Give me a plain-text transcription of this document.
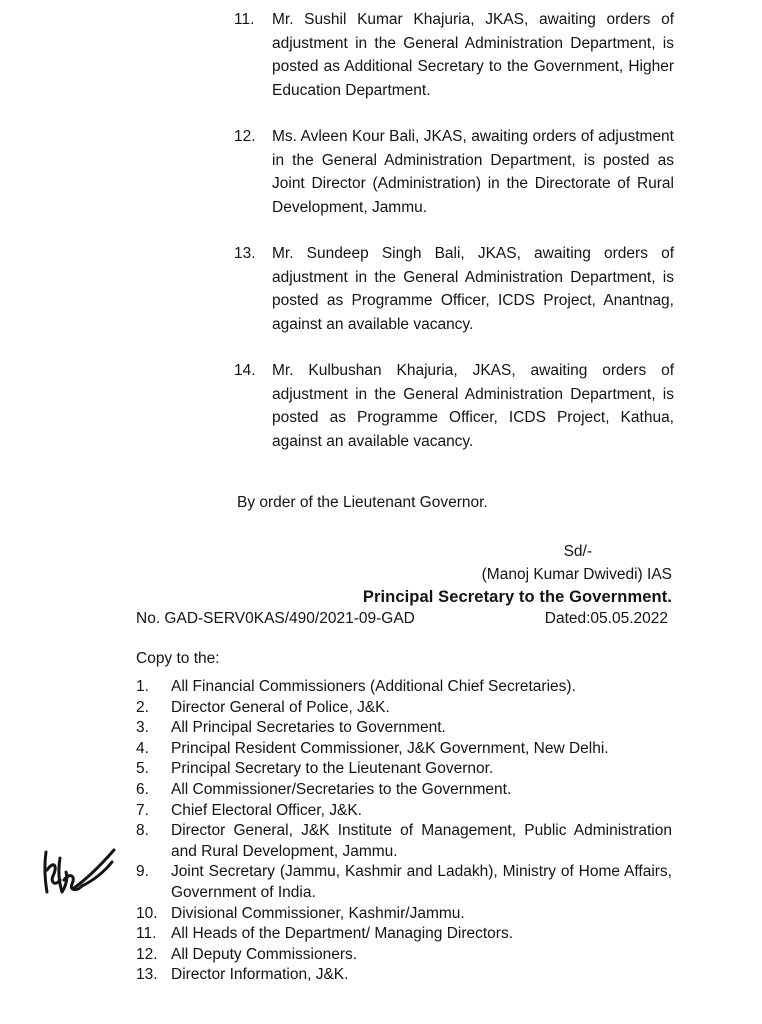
11. Mr. Sushil Kumar Khajuria, JKAS, awaiting orders of adjustment in the General Administration Department, is posted as Additional Secretary to the Government, Higher Education Department.
12. Ms. Avleen Kour Bali, JKAS, awaiting orders of adjustment in the General Administration Department, is posted as Joint Director (Administration) in the Directorate of Rural Development, Jammu.
13. Mr. Sundeep Singh Bali, JKAS, awaiting orders of adjustment in the General Administration Department, is posted as Programme Officer, ICDS Project, Anantnag, against an available vacancy.
14. Mr. Kulbushan Khajuria, JKAS, awaiting orders of adjustment in the General Administration Department, is posted as Programme Officer, ICDS Project, Kathua, against an available vacancy.
By order of the Lieutenant Governor.
Sd/-
(Manoj Kumar Dwivedi) IAS
Principal Secretary to the Government.
No. GAD-SERV0KAS/490/2021-09-GAD	Dated:05.05.2022
Copy to the:
1. All Financial Commissioners (Additional Chief Secretaries).
2. Director General of Police, J&K.
3. All Principal Secretaries to Government.
4. Principal Resident Commissioner, J&K Government, New Delhi.
5. Principal Secretary to the Lieutenant Governor.
6. All Commissioner/Secretaries to the Government.
7. Chief Electoral Officer, J&K.
8. Director General, J&K Institute of Management, Public Administration and Rural Development, Jammu.
9. Joint Secretary (Jammu, Kashmir and Ladakh), Ministry of Home Affairs, Government of India.
10. Divisional Commissioner, Kashmir/Jammu.
11. All Heads of the Department/ Managing Directors.
12. All Deputy Commissioners.
13. Director Information, J&K.
